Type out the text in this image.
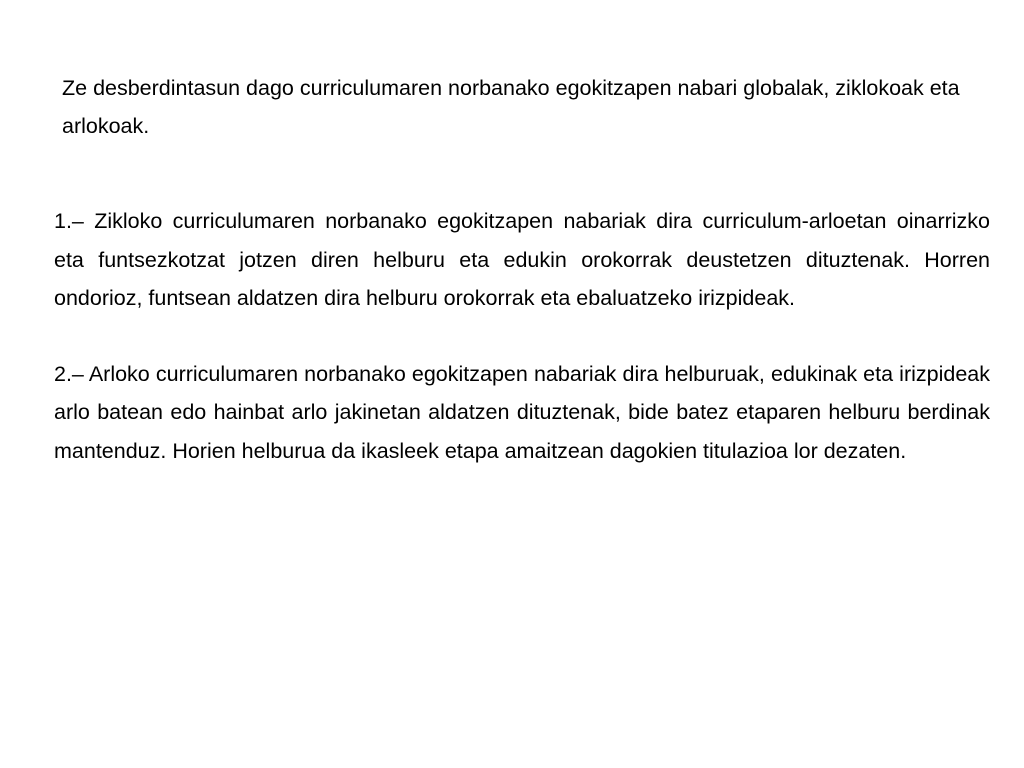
Ze desberdintasun dago curriculumaren norbanako egokitzapen nabari globalak, ziklokoak eta arlokoak.

1.– Zikloko curriculumaren norbanako egokitzapen nabariak dira curriculum-arloetan oinarrizko eta funtsezkotzat jotzen diren helburu eta edukin orokorrak deustetzen dituztenak. Horren ondorioz, funtsean aldatzen dira helburu orokorrak eta ebaluatzeko irizpideak.

2.– Arloko curriculumaren norbanako egokitzapen nabariak dira helburuak, edukinak eta irizpideak arlo batean edo hainbat arlo jakinetan aldatzen dituztenak, bide batez etaparen helburu berdinak mantenduz. Horien helburua da ikasleek etapa amaitzean dagokien titulazioa lor dezaten.
